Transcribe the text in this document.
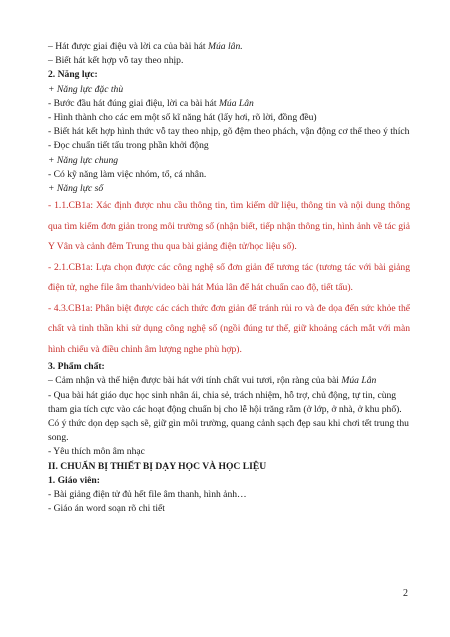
– Hát được giai điệu và lời ca của bài hát Múa lân.

– Biết hát kết hợp vỗ tay theo nhịp.

2. Năng lực:

+ Năng lực đặc thù

- Bước đầu hát đúng giai điệu, lời ca bài hát Múa Lân

- Hình thành cho các em một số kĩ năng hát (lấy hơi, rõ lời, đồng đều)

- Biết hát kết hợp hình thức vỗ tay theo nhịp, gõ đệm theo phách, vận động cơ thể theo ý thích

- Đọc chuẩn tiết tấu trong phần khởi động

+ Năng lực chung

- Có kỹ năng làm việc nhóm, tổ, cá nhân.

+ Năng lực số

- 1.1.CB1a: Xác định được nhu cầu thông tin, tìm kiếm dữ liệu, thông tin và nội dung thông qua tìm kiếm đơn giản trong môi trường số (nhận biết, tiếp nhận thông tin, hình ảnh về tác giả Y Vân và cảnh đêm Trung thu qua bài giảng điện tử/học liệu số).

- 2.1.CB1a: Lựa chọn được các công nghệ số đơn giản để tương tác (tương tác với bài giảng điện tử, nghe file âm thanh/video bài hát Múa lân để hát chuẩn cao độ, tiết tấu).

- 4.3.CB1a: Phân biệt được các cách thức đơn giản để tránh rủi ro và đe dọa đến sức khỏe thể chất và tinh thần khi sử dụng công nghệ số (ngồi đúng tư thế, giữ khoảng cách mắt với màn hình chiếu và điều chỉnh âm lượng nghe phù hợp).

3. Phẩm chất:

– Cảm nhận và thể hiện được bài hát với tính chất vui tươi, rộn ràng của bài Múa Lân

- Qua bài hát giáo dục học sinh nhân ái, chia sẻ, trách nhiệm, hỗ trợ, chủ động, tự tin, cùng tham gia tích cực vào các hoạt động chuẩn bị cho lễ hội trăng rằm (ở lớp, ở nhà, ở khu phố). Có ý thức dọn dẹp sạch sẽ, giữ gìn môi trường, quang cảnh sạch đẹp sau khi chơi tết trung thu song.

- Yêu thích môn âm nhạc

II. CHUẨN BỊ THIẾT BỊ DẠY HỌC VÀ HỌC LIỆU

1. Giáo viên:

- Bài giảng điện tử đủ hết file âm thanh, hình ảnh…

- Giáo án word soạn rõ chi tiết

2
